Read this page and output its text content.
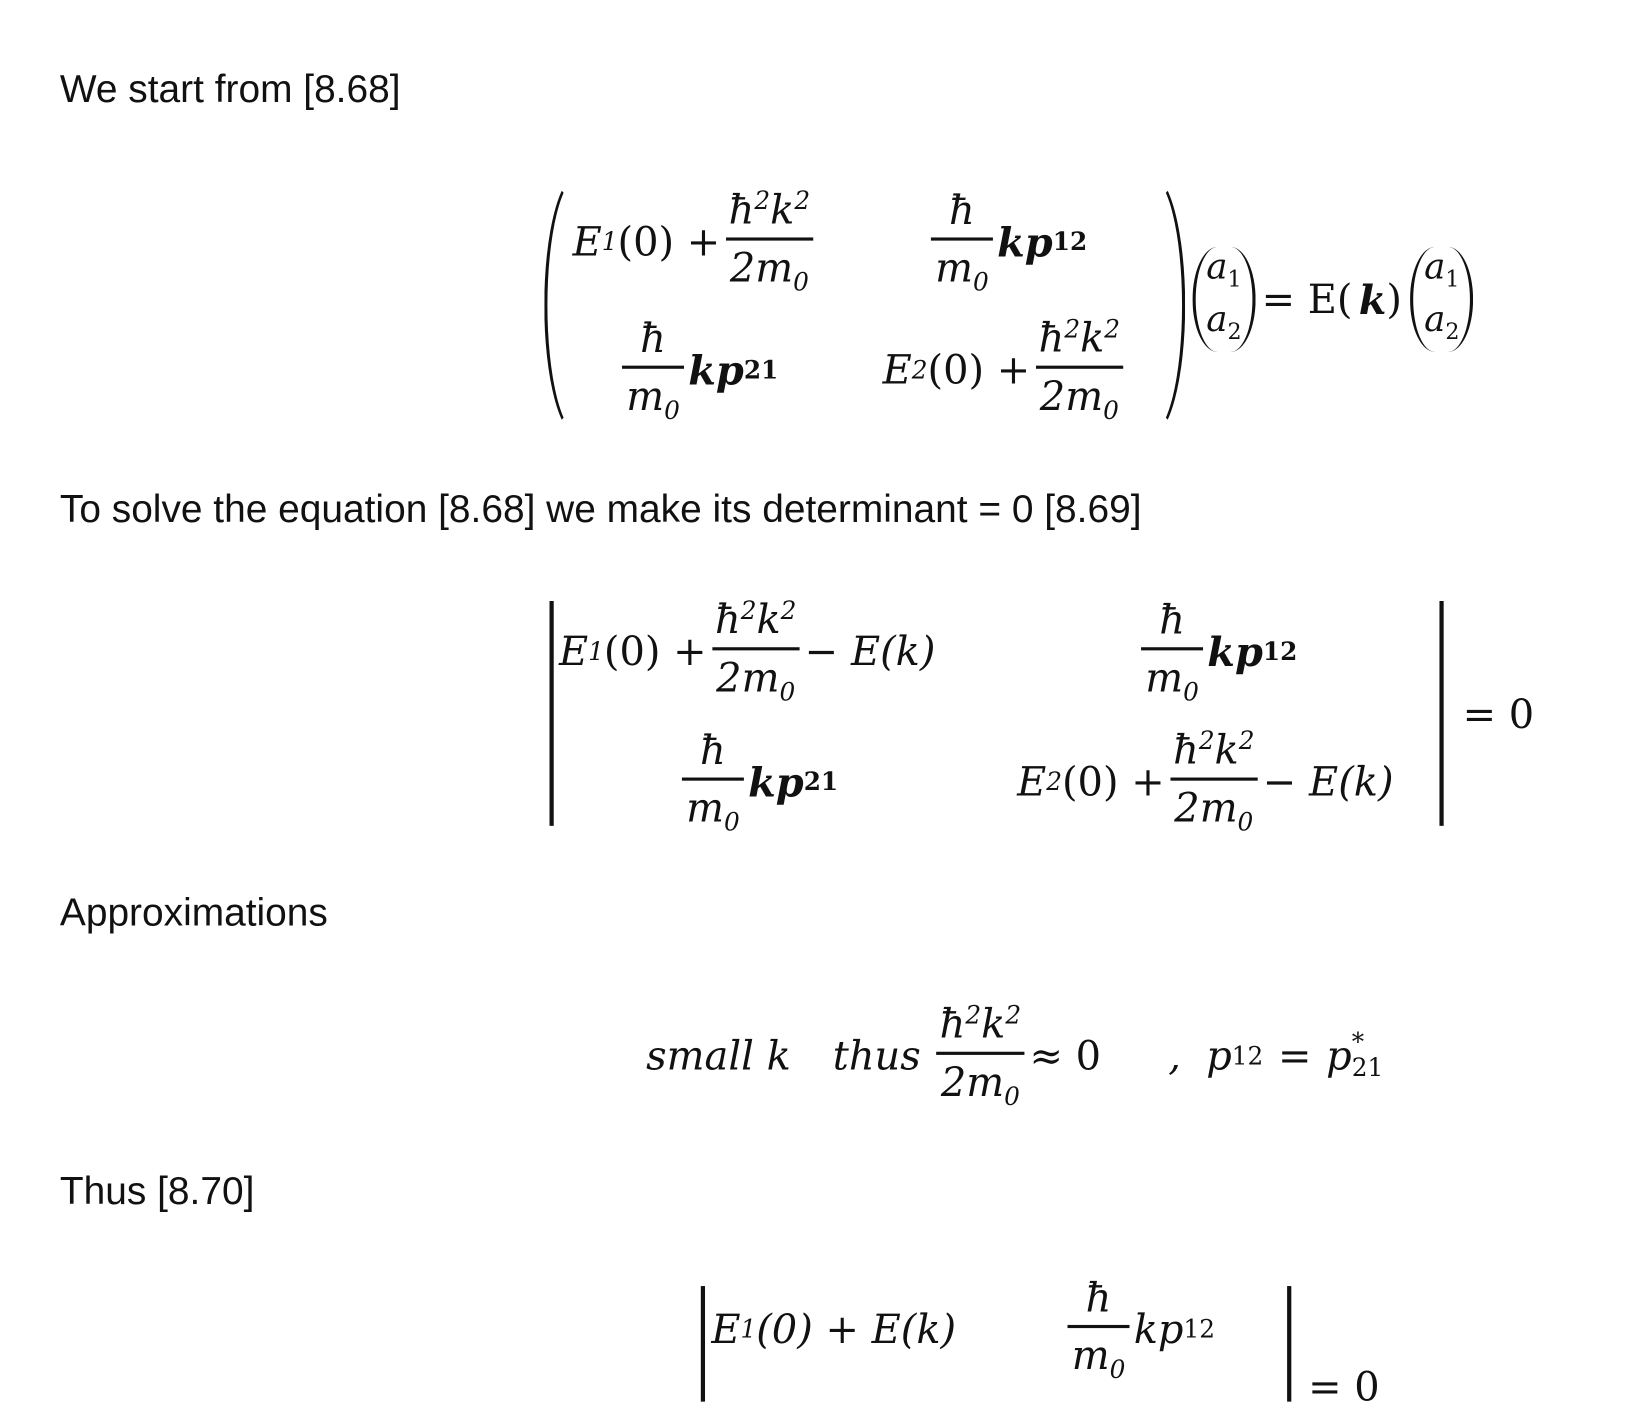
We start from [8.68]
E 1 $(0) + \frac{ħ^2k^2}{2m_0}$	$\frac{ħ}{m_0}$ kp 12
$\frac{ħ}{m_0}$ kp 21	E 2 $(0) + \frac{ħ^2k^2}{2m_0}$
$a_1$
$a_2$
= E( k )
$a_1$
$a_2$
To solve the equation [8.68] we make its determinant = 0 [8.69]
E 1 $(0) + \frac{ħ^2k^2}{2m_0} - E(k)$	$\frac{ħ}{m_0}$ kp 12
$\frac{ħ}{m_0}$ kp 21	E 2 $(0) + \frac{ħ^2k^2}{2m_0} - E(k)$
= 0
Approximations
small k thus $\frac{ħ^2k^2}{2m_0} \approx 0$ , p 12 = p *
21
Thus [8.70]
E 1 (0) + E(k)	$\frac{ħ}{m_0}$ kp 12
= 0
